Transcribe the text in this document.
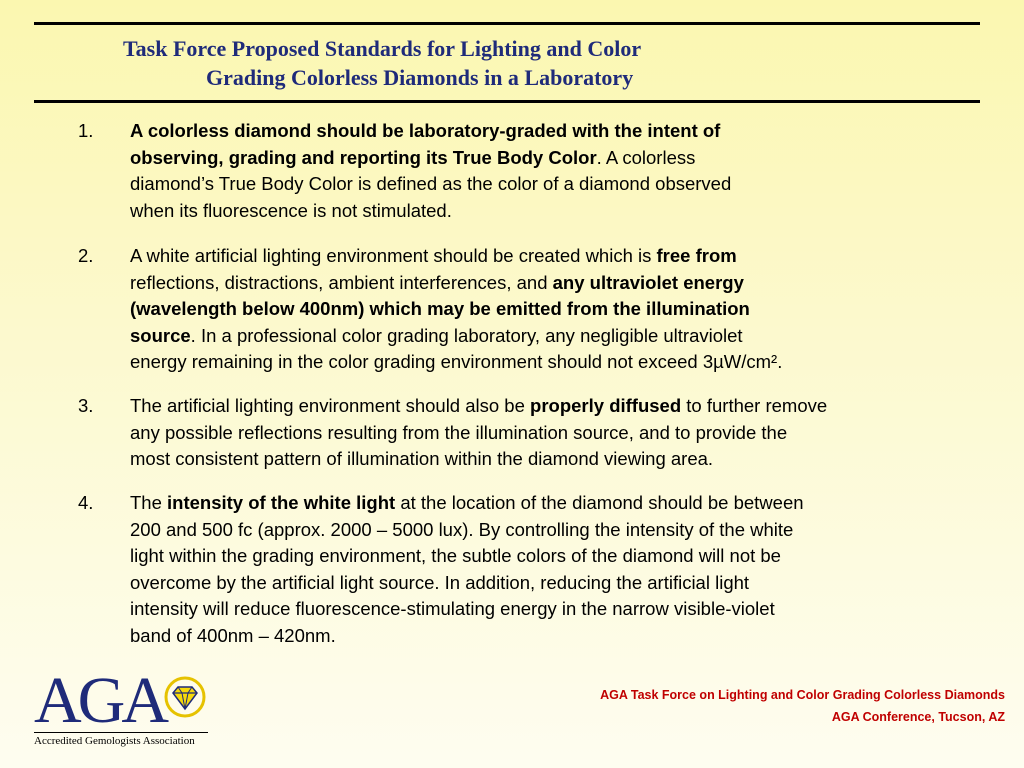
Task Force Proposed Standards for Lighting and Color
Grading Colorless Diamonds in a Laboratory
1. A colorless diamond should be laboratory-graded with the intent of
observing, grading and reporting its True Body Color. A colorless
diamond’s True Body Color is defined as the color of a diamond observed
when its fluorescence is not stimulated.
2. A white artificial lighting environment should be created which is free from
reflections, distractions, ambient interferences, and any ultraviolet energy
(wavelength below 400nm) which may be emitted from the illumination
source. In a professional color grading laboratory, any negligible ultraviolet
energy remaining in the color grading environment should not exceed 3µW/cm².
3. The artificial lighting environment should also be properly diffused to further remove
any possible reflections resulting from the illumination source, and to provide the
most consistent pattern of illumination within the diamond viewing area.
4. The intensity of the white light at the location of the diamond should be between
200 and 500 fc (approx. 2000 – 5000 lux). By controlling the intensity of the white
light within the grading environment, the subtle colors of the diamond will not be
overcome by the artificial light source. In addition, reducing the artificial light
intensity will reduce fluorescence-stimulating energy in the narrow visible-violet
band of 400nm – 420nm.
AGA
Accredited Gemologists Association
AGA Task Force on Lighting and Color Grading Colorless Diamonds
AGA Conference, Tucson, AZ
